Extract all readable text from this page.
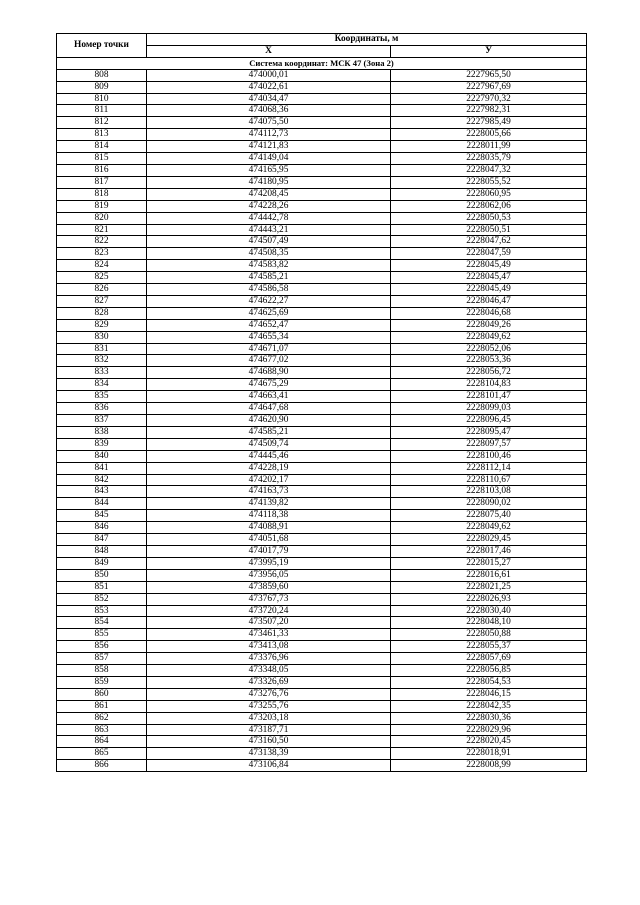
Номер точки	Координаты, м	
	X	У
Система координат: МСК 47 (Зона 2)		
808	474000,01	2227965,50
809	474022,61	2227967,69
810	474034,47	2227970,32
811	474068,36	2227982,31
812	474075,50	2227985,49
813	474112,73	2228005,66
814	474121,83	2228011,99
815	474149,04	2228035,79
816	474165,95	2228047,32
817	474180,95	2228055,52
818	474208,45	2228060,95
819	474228,26	2228062,06
820	474442,78	2228050,53
821	474443,21	2228050,51
822	474507,49	2228047,62
823	474508,35	2228047,59
824	474583,82	2228045,49
825	474585,21	2228045,47
826	474586,58	2228045,49
827	474622,27	2228046,47
828	474625,69	2228046,68
829	474652,47	2228049,26
830	474655,34	2228049,62
831	474671,07	2228052,06
832	474677,02	2228053,36
833	474688,90	2228056,72
834	474675,29	2228104,83
835	474663,41	2228101,47
836	474647,68	2228099,03
837	474620,90	2228096,45
838	474585,21	2228095,47
839	474509,74	2228097,57
840	474445,46	2228100,46
841	474228,19	2228112,14
842	474202,17	2228110,67
843	474163,73	2228103,08
844	474139,82	2228090,02
845	474118,38	2228075,40
846	474088,91	2228049,62
847	474051,68	2228029,45
848	474017,79	2228017,46
849	473995,19	2228015,27
850	473956,05	2228016,61
851	473859,60	2228021,25
852	473767,73	2228026,93
853	473720,24	2228030,40
854	473507,20	2228048,10
855	473461,33	2228050,88
856	473413,08	2228055,37
857	473376,96	2228057,69
858	473348,05	2228056,85
859	473326,69	2228054,53
860	473276,76	2228046,15
861	473255,76	2228042,35
862	473203,18	2228030,36
863	473187,71	2228029,96
864	473160,50	2228020,45
865	473138,39	2228018,91
866	473106,84	2228008,99
